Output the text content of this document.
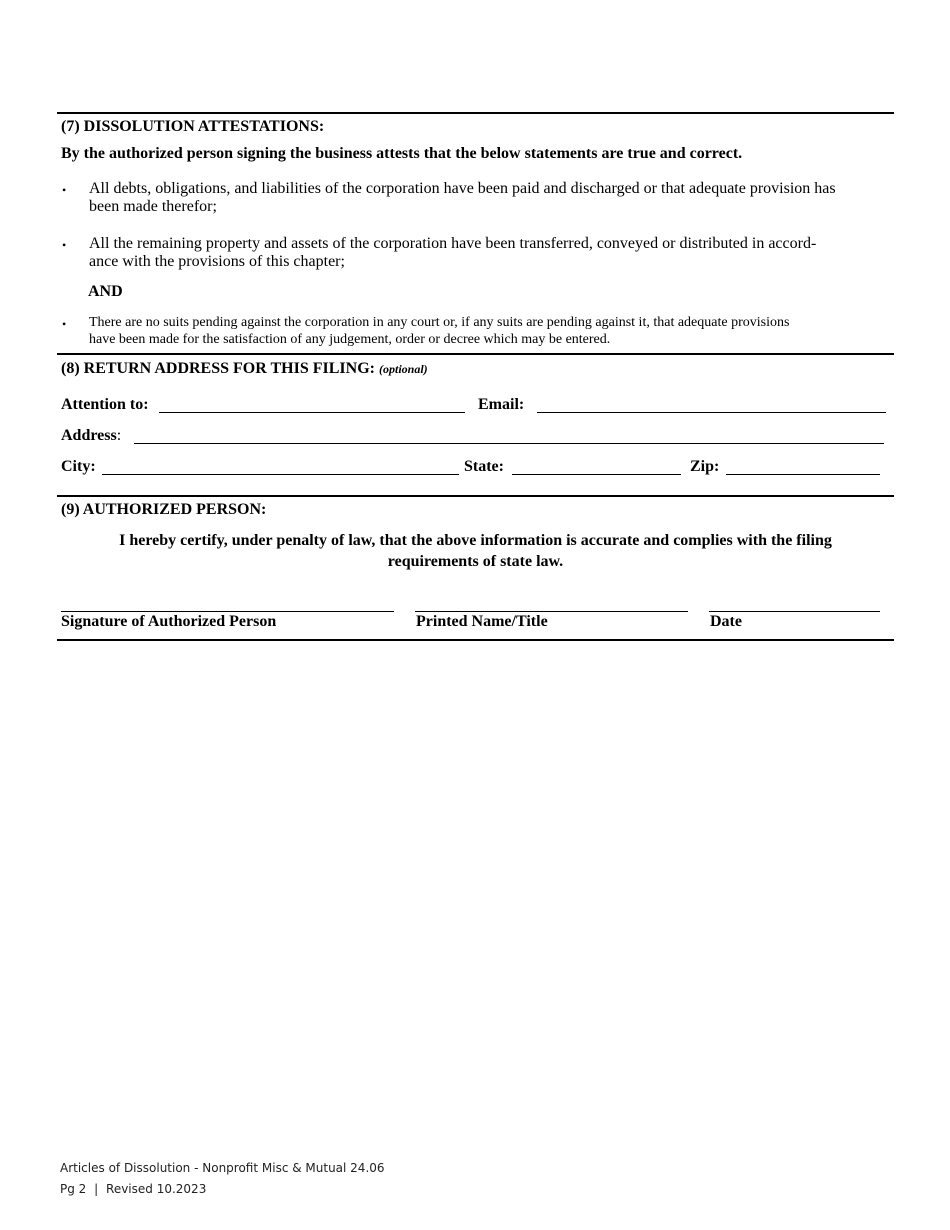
(7) DISSOLUTION ATTESTATIONS:
By the authorized person signing the business attests that the below statements are true and correct.
• All debts, obligations, and liabilities of the corporation have been paid and discharged or that adequate provision has
been made therefor;
• All the remaining property and assets of the corporation have been transferred, conveyed or distributed in accord-
ance with the provisions of this chapter;
AND
• There are no suits pending against the corporation in any court or, if any suits are pending against it, that adequate provisions
have been made for the satisfaction of any judgement, order or decree which may be entered.
(8) RETURN ADDRESS FOR THIS FILING: (optional)
Attention to:	Email:
Address:
City:	State:	Zip:
(9) AUTHORIZED PERSON:
I hereby certify, under penalty of law, that the above information is accurate and complies with the filing
requirements of state law.
Signature of Authorized Person	Printed Name/Title	Date
Articles of Dissolution - Nonprofit Misc & Mutual 24.06
Pg 2 | Revised 10.2023
